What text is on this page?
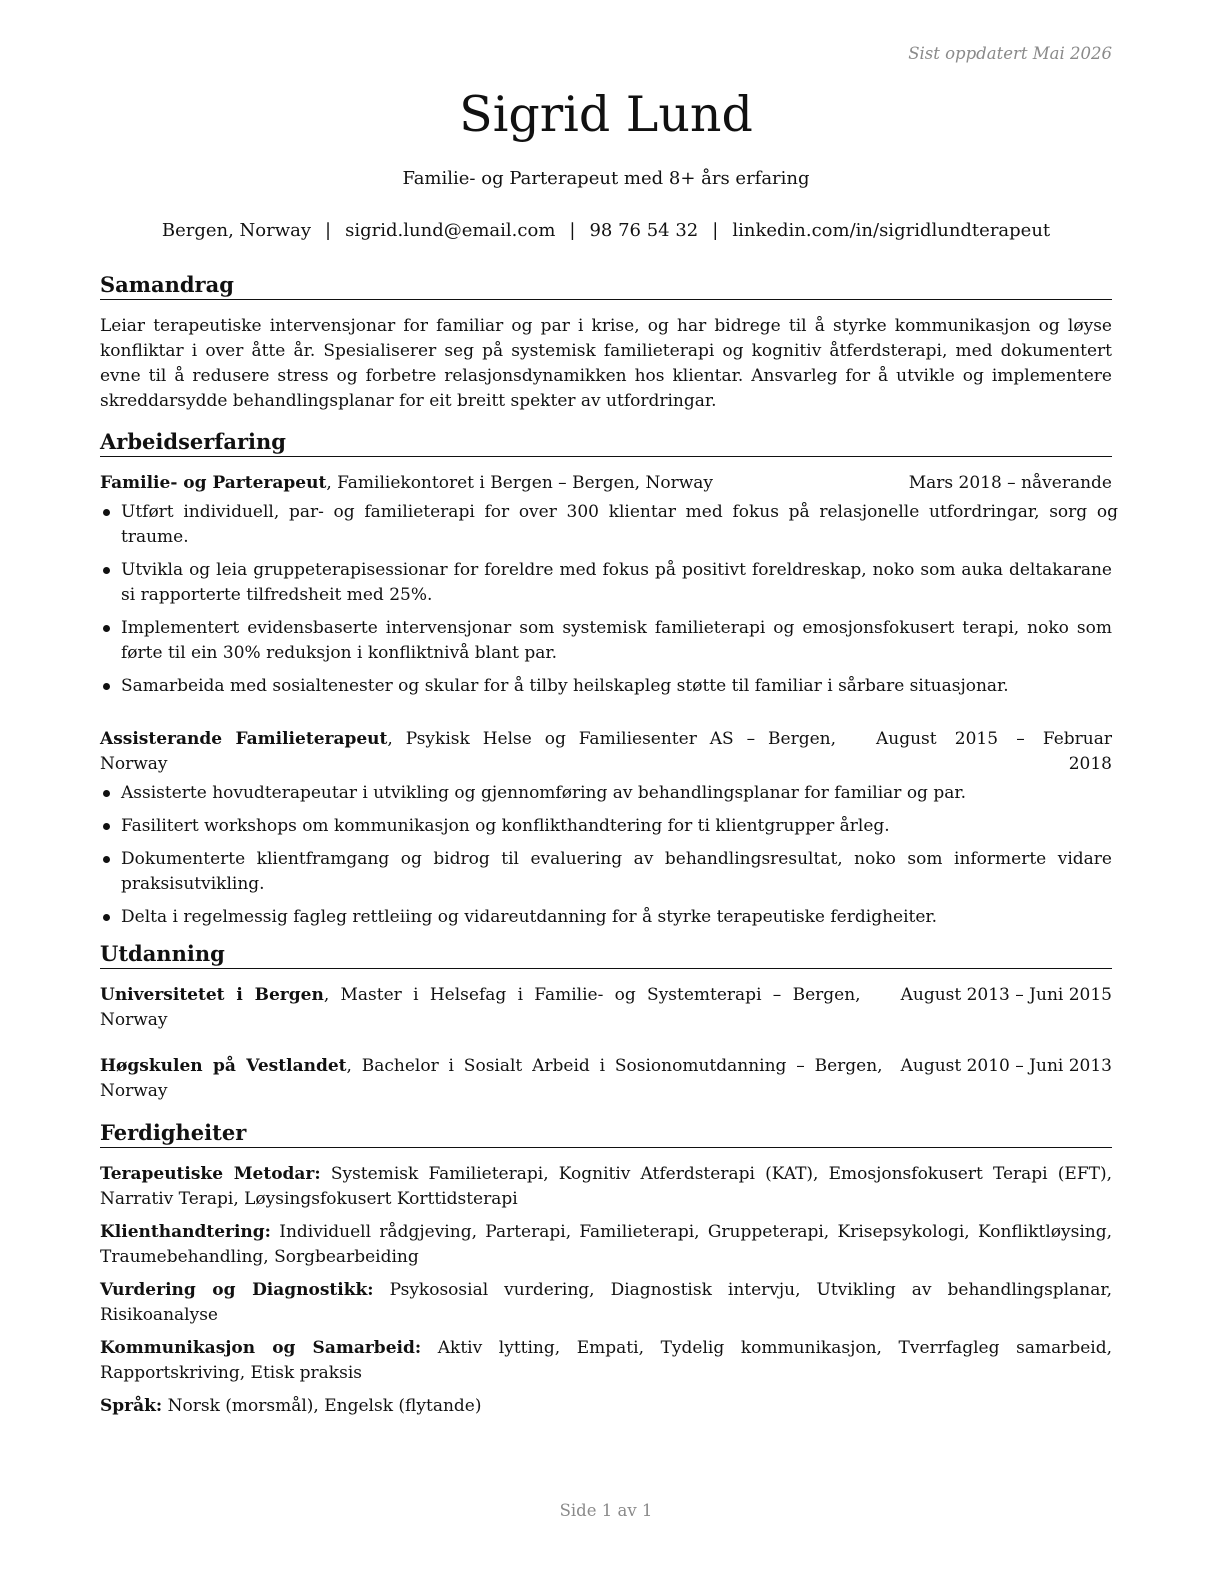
Sist oppdatert Mai 2026
Sigrid Lund
Familie- og Parterapeut med 8+ års erfaring
Bergen, Norway | sigrid.lund@email.com | 98 76 54 32 | linkedin.com/in/sigridlundterapeut
Samandrag

Leiar terapeutiske intervensjonar for familiar og par i krise, og har bidrege til å styrke kommunikasjon og løyse konfliktar i over åtte år. Spesialiserer seg på systemisk familieterapi og kognitiv åtferdsterapi, med dokumentert evne til å redusere stress og forbetre relasjonsdynamikken hos klientar. Ansvarleg for å utvikle og implementere skreddarsydde behandlingsplanar for eit breitt spekter av utfordringar.

Arbeidserfaring
Familie- og Parterapeut, Familiekontoret i Bergen – Bergen, Norway	Mars 2018 – nåverande
Utført individuell, par- og familieterapi for over 300 klientar med fokus på relasjonelle utfordringar, sorg og traume.
Utvikla og leia gruppeterapisessionar for foreldre med fokus på positivt foreldreskap, noko som auka deltakarane si rapporterte tilfredsheit med 25%.
Implementert evidensbaserte intervensjonar som systemisk familieterapi og emosjonsfokusert terapi, noko som førte til ein 30% reduksjon i konfliktnivå blant par.
Samarbeida med sosialtenester og skular for å tilby heilskapleg støtte til familiar i sårbare situasjonar.
Assisterande Familieterapeut, Psykisk Helse og Familiesenter AS – Bergen, Norway
August 2015 – Februar 2018
Assisterte hovudterapeutar i utvikling og gjennomføring av behandlingsplanar for familiar og par.
Fasilitert workshops om kommunikasjon og konflikthandtering for ti klientgrupper årleg.
Dokumenterte klientframgang og bidrog til evaluering av behandlingsresultat, noko som informerte vidare praksisutvikling.
Delta i regelmessig fagleg rettleiing og vidareutdanning for å styrke terapeutiske ferdigheiter.
Utdanning
Universitetet i Bergen, Master i Helsefag i Familie- og Systemterapi – Bergen, Norway
August 2013 – Juni 2015
Høgskulen på Vestlandet, Bachelor i Sosialt Arbeid i Sosionomutdanning – Bergen, Norway
August 2010 – Juni 2013
Ferdigheiter

Terapeutiske Metodar: Systemisk Familieterapi, Kognitiv Atferdsterapi (KAT), Emosjonsfokusert Terapi (EFT), Narrativ Terapi, Løysingsfokusert Korttidsterapi

Klienthandtering: Individuell rådgjeving, Parterapi, Familieterapi, Gruppeterapi, Krisepsykologi, Konfliktløysing, Traumebehandling, Sorgbearbeiding

Vurdering og Diagnostikk: Psykososial vurdering, Diagnostisk intervju, Utvikling av behandlingsplanar, Risikoanalyse

Kommunikasjon og Samarbeid: Aktiv lytting, Empati, Tydelig kommunikasjon, Tverrfagleg samarbeid, Rapportskriving, Etisk praksis

Språk: Norsk (morsmål), Engelsk (flytande)

Side 1 av 1
